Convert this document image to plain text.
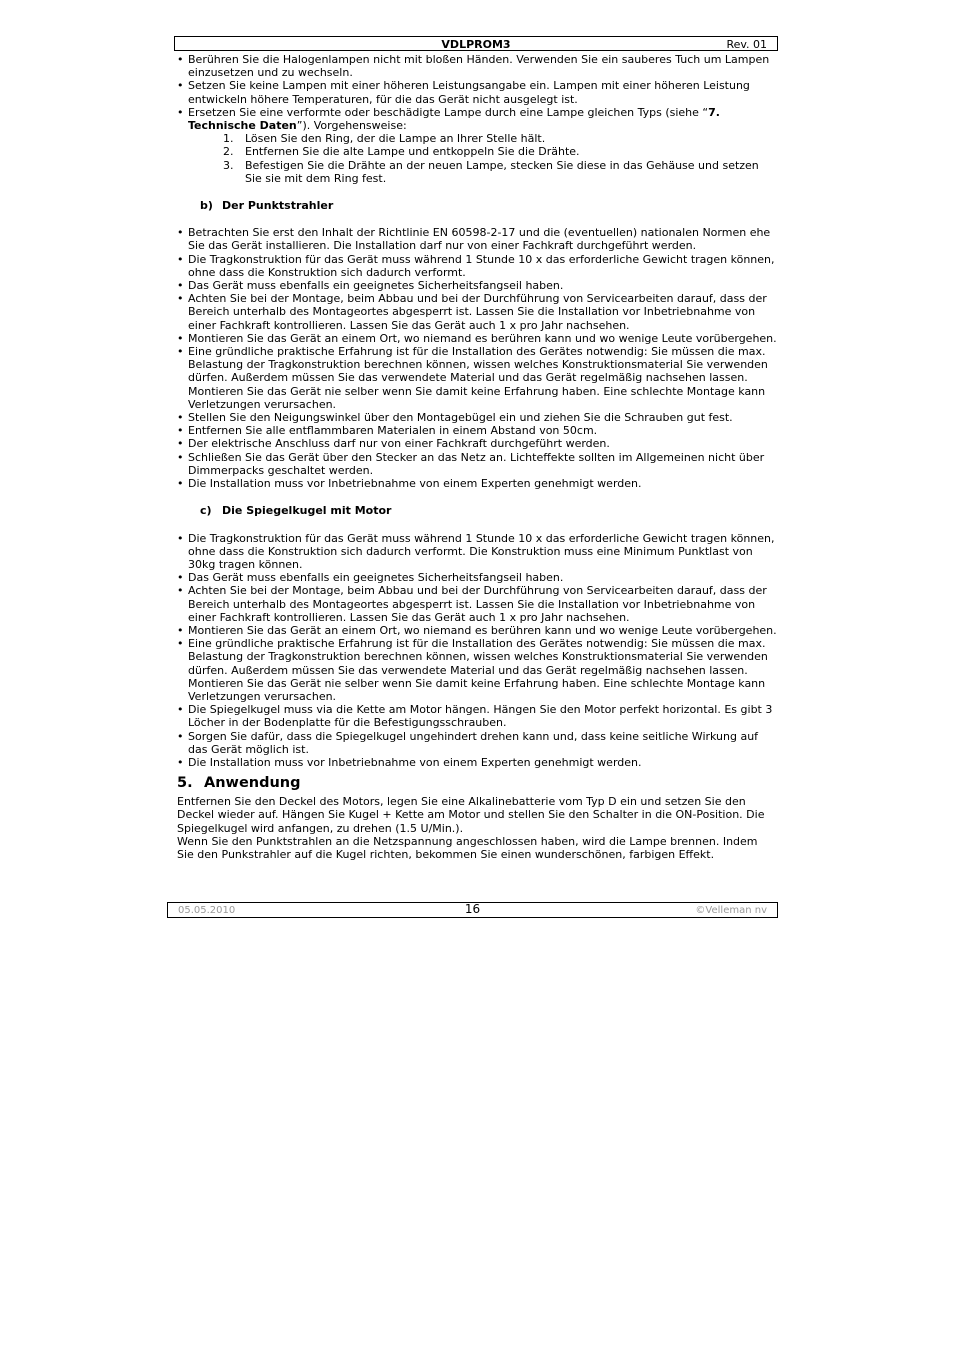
VDLPROM3	Rev. 01
• Berühren Sie die Halogenlampen nicht mit bloßen Händen. Verwenden Sie ein sauberes Tuch um Lampen einzusetzen und zu wechseln.
• Setzen Sie keine Lampen mit einer höheren Leistungsangabe ein. Lampen mit einer höheren Leistung entwickeln höhere Temperaturen, für die das Gerät nicht ausgelegt ist.
• Ersetzen Sie eine verformte oder beschädigte Lampe durch eine Lampe gleichen Typs (siehe “7. Technische Daten”). Vorgehensweise:
1. Lösen Sie den Ring, der die Lampe an Ihrer Stelle hält.
2. Entfernen Sie die alte Lampe und entkoppeln Sie die Drähte.
3. Befestigen Sie die Drähte an der neuen Lampe, stecken Sie diese in das Gehäuse und setzen Sie sie mit dem Ring fest.
b) Der Punktstrahler
• Betrachten Sie erst den Inhalt der Richtlinie EN 60598-2-17 und die (eventuellen) nationalen Normen ehe Sie das Gerät installieren. Die Installation darf nur von einer Fachkraft durchgeführt werden.
• Die Tragkonstruktion für das Gerät muss während 1 Stunde 10 x das erforderliche Gewicht tragen können, ohne dass die Konstruktion sich dadurch verformt.
• Das Gerät muss ebenfalls ein geeignetes Sicherheitsfangseil haben.
• Achten Sie bei der Montage, beim Abbau und bei der Durchführung von Servicearbeiten darauf, dass der Bereich unterhalb des Montageortes abgesperrt ist. Lassen Sie die Installation vor Inbetriebnahme von einer Fachkraft kontrollieren. Lassen Sie das Gerät auch 1 x pro Jahr nachsehen.
• Montieren Sie das Gerät an einem Ort, wo niemand es berühren kann und wo wenige Leute vorübergehen.
• Eine gründliche praktische Erfahrung ist für die Installation des Gerätes notwendig: Sie müssen die max. Belastung der Tragkonstruktion berechnen können, wissen welches Konstruktionsmaterial Sie verwenden dürfen. Außerdem müssen Sie das verwendete Material und das Gerät regelmäßig nachsehen lassen. Montieren Sie das Gerät nie selber wenn Sie damit keine Erfahrung haben. Eine schlechte Montage kann Verletzungen verursachen.
• Stellen Sie den Neigungswinkel über den Montagebügel ein und ziehen Sie die Schrauben gut fest.
• Entfernen Sie alle entflammbaren Materialen in einem Abstand von 50cm.
• Der elektrische Anschluss darf nur von einer Fachkraft durchgeführt werden.
• Schließen Sie das Gerät über den Stecker an das Netz an. Lichteffekte sollten im Allgemeinen nicht über Dimmerpacks geschaltet werden.
• Die Installation muss vor Inbetriebnahme von einem Experten genehmigt werden.
c) Die Spiegelkugel mit Motor
• Die Tragkonstruktion für das Gerät muss während 1 Stunde 10 x das erforderliche Gewicht tragen können, ohne dass die Konstruktion sich dadurch verformt. Die Konstruktion muss eine Minimum Punktlast von 30kg tragen können.
• Das Gerät muss ebenfalls ein geeignetes Sicherheitsfangseil haben.
• Achten Sie bei der Montage, beim Abbau und bei der Durchführung von Servicearbeiten darauf, dass der Bereich unterhalb des Montageortes abgesperrt ist. Lassen Sie die Installation vor Inbetriebnahme von einer Fachkraft kontrollieren. Lassen Sie das Gerät auch 1 x pro Jahr nachsehen.
• Montieren Sie das Gerät an einem Ort, wo niemand es berühren kann und wo wenige Leute vorübergehen.
• Eine gründliche praktische Erfahrung ist für die Installation des Gerätes notwendig: Sie müssen die max. Belastung der Tragkonstruktion berechnen können, wissen welches Konstruktionsmaterial Sie verwenden dürfen. Außerdem müssen Sie das verwendete Material und das Gerät regelmäßig nachsehen lassen. Montieren Sie das Gerät nie selber wenn Sie damit keine Erfahrung haben. Eine schlechte Montage kann Verletzungen verursachen.
• Die Spiegelkugel muss via die Kette am Motor hängen. Hängen Sie den Motor perfekt horizontal. Es gibt 3 Löcher in der Bodenplatte für die Befestigungsschrauben.
• Sorgen Sie dafür, dass die Spiegelkugel ungehindert drehen kann und, dass keine seitliche Wirkung auf das Gerät möglich ist.
• Die Installation muss vor Inbetriebnahme von einem Experten genehmigt werden.
5. Anwendung

Entfernen Sie den Deckel des Motors, legen Sie eine Alkalinebatterie vom Typ D ein und setzen Sie den Deckel wieder auf. Hängen Sie Kugel + Kette am Motor und stellen Sie den Schalter in die ON-Position. Die Spiegelkugel wird anfangen, zu drehen (1.5 U/Min.).

Wenn Sie den Punktstrahlen an die Netzspannung angeschlossen haben, wird die Lampe brennen. Indem Sie den Punkstrahler auf die Kugel richten, bekommen Sie einen wunderschönen, farbigen Effekt.

05.05.2010	16	©Velleman nv
